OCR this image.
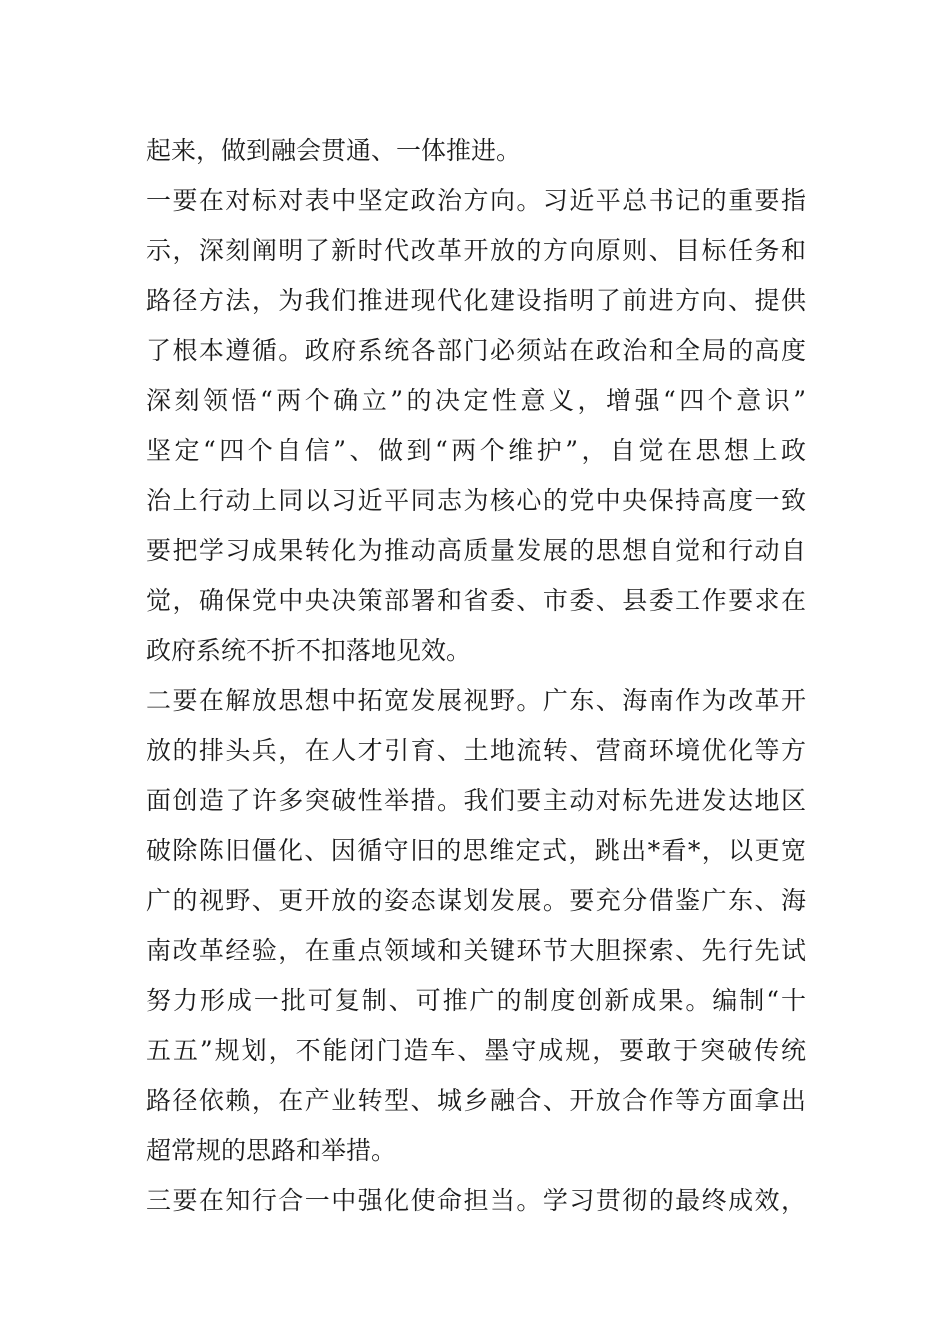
起来，做到融会贯通、一体推进。
一要在对标对表中坚定政治方向。习近平总书记的重要指
示，深刻阐明了新时代改革开放的方向原则、目标任务和
路径方法，为我们推进现代化建设指明了前进方向、提供
了根本遵循。政府系统各部门必须站在政治和全局的高度
深刻领悟“两个确立”的决定性意义，增强“四个意识”
坚定“四个自信”、做到“两个维护”，自觉在思想上政
治上行动上同以习近平同志为核心的党中央保持高度一致
要把学习成果转化为推动高质量发展的思想自觉和行动自
觉，确保党中央决策部署和省委、市委、县委工作要求在
政府系统不折不扣落地见效。
二要在解放思想中拓宽发展视野。广东、海南作为改革开
放的排头兵，在人才引育、土地流转、营商环境优化等方
面创造了许多突破性举措。我们要主动对标先进发达地区
破除陈旧僵化、因循守旧的思维定式，跳出*看*，以更宽
广的视野、更开放的姿态谋划发展。要充分借鉴广东、海
南改革经验，在重点领域和关键环节大胆探索、先行先试
努力形成一批可复制、可推广的制度创新成果。编制“十
五五”规划，不能闭门造车、墨守成规，要敢于突破传统
路径依赖，在产业转型、城乡融合、开放合作等方面拿出
超常规的思路和举措。
三要在知行合一中强化使命担当。学习贯彻的最终成效，
